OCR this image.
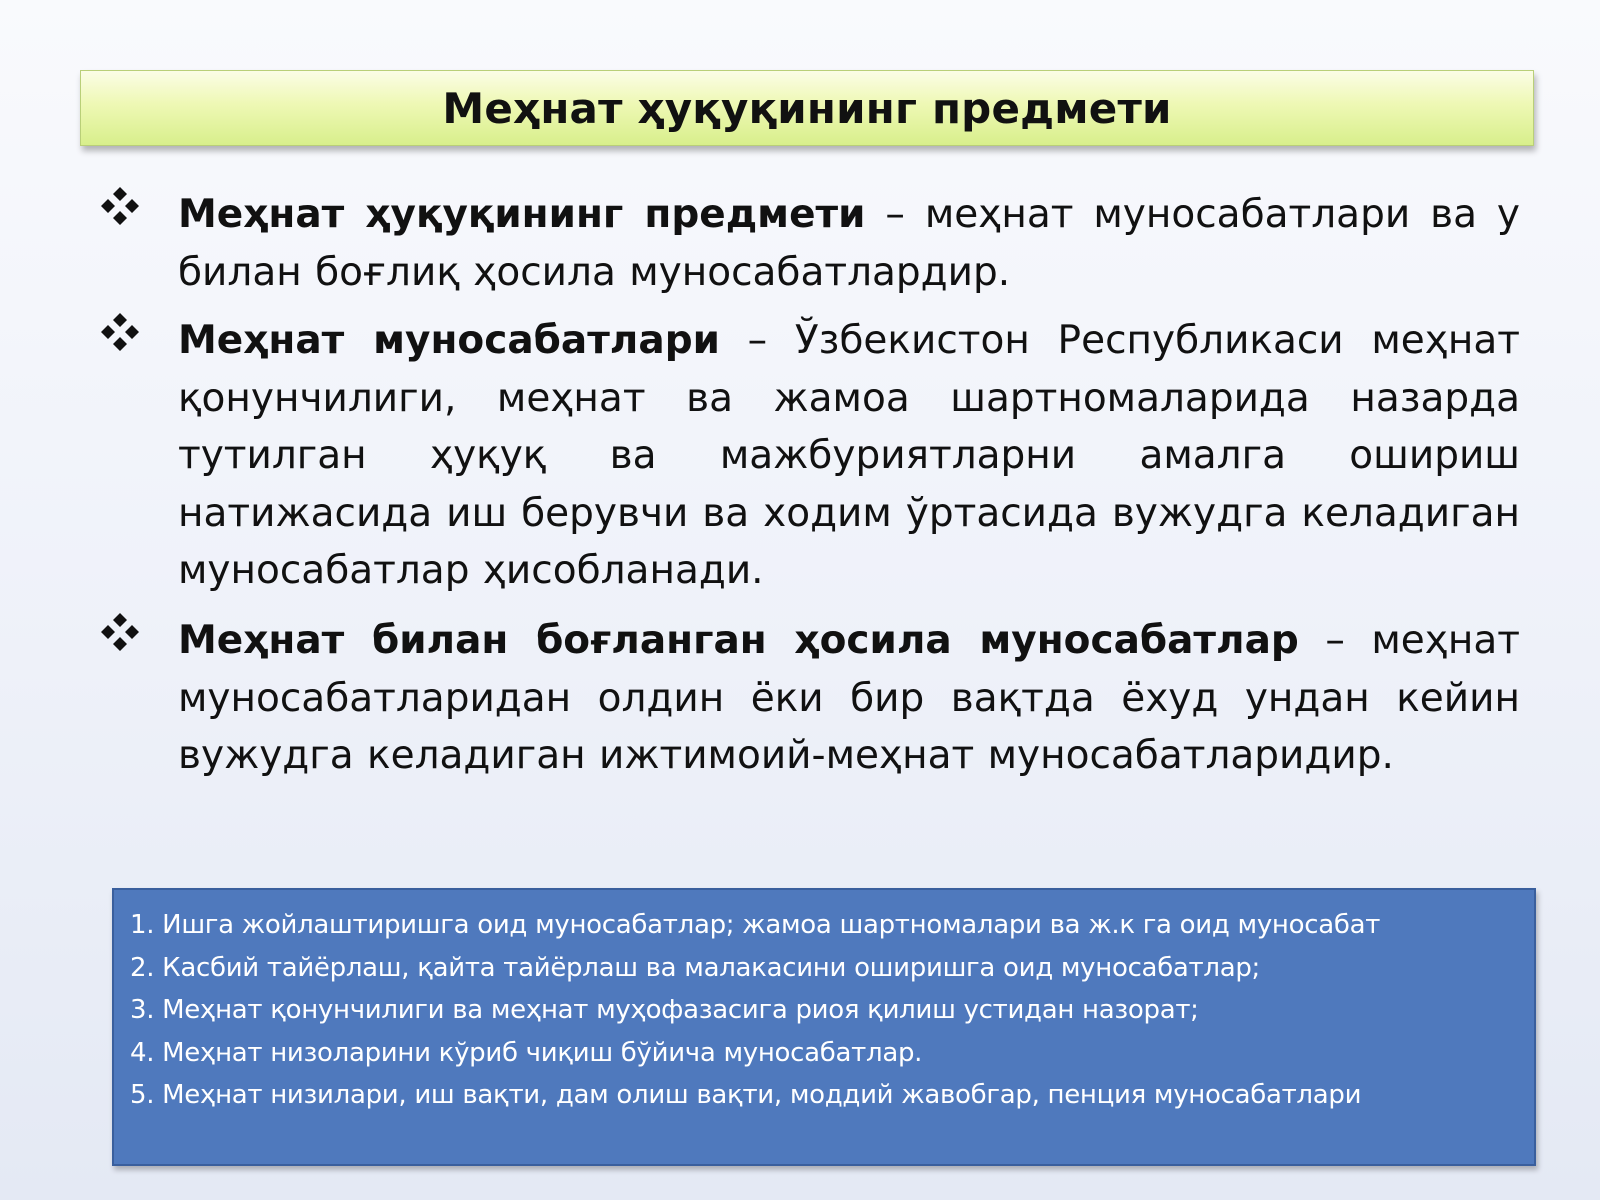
Меҳнат ҳуқуқининг предмети
Меҳнат ҳуқуқининг предмети – меҳнат муносабатлари ва у билан боғлиқ ҳосила муносабатлардир.
Меҳнат муносабатлари – Ўзбекистон Республикаси меҳнат қонунчилиги, меҳнат ва жамоа шартномаларида назарда тутилган ҳуқуқ ва мажбуриятларни амалга ошириш натижасида иш берувчи ва ходим ўртасида вужудга келадиган муносабатлар ҳисобланади.
Меҳнат билан боғланган ҳосила муносабатлар – меҳнат муносабатларидан олдин ёки бир вақтда ёхуд ундан кейин вужудга келадиган ижтимоий-меҳнат муносабатларидир.
1. Ишга жойлаштиришга оид муносабатлар; жамоа шартномалари ва ж.к га оид муносабат
2. Касбий тайёрлаш, қайта тайёрлаш ва малакасини оширишга оид муносабатлар;
3. Меҳнат қонунчилиги ва меҳнат муҳофазасига риоя қилиш устидан назорат;
4. Меҳнат низоларини кўриб чиқиш бўйича муносабатлар.
5. Меҳнат низилари, иш вақти, дам олиш вақти, моддий жавобгар, пенция муносабатлари
